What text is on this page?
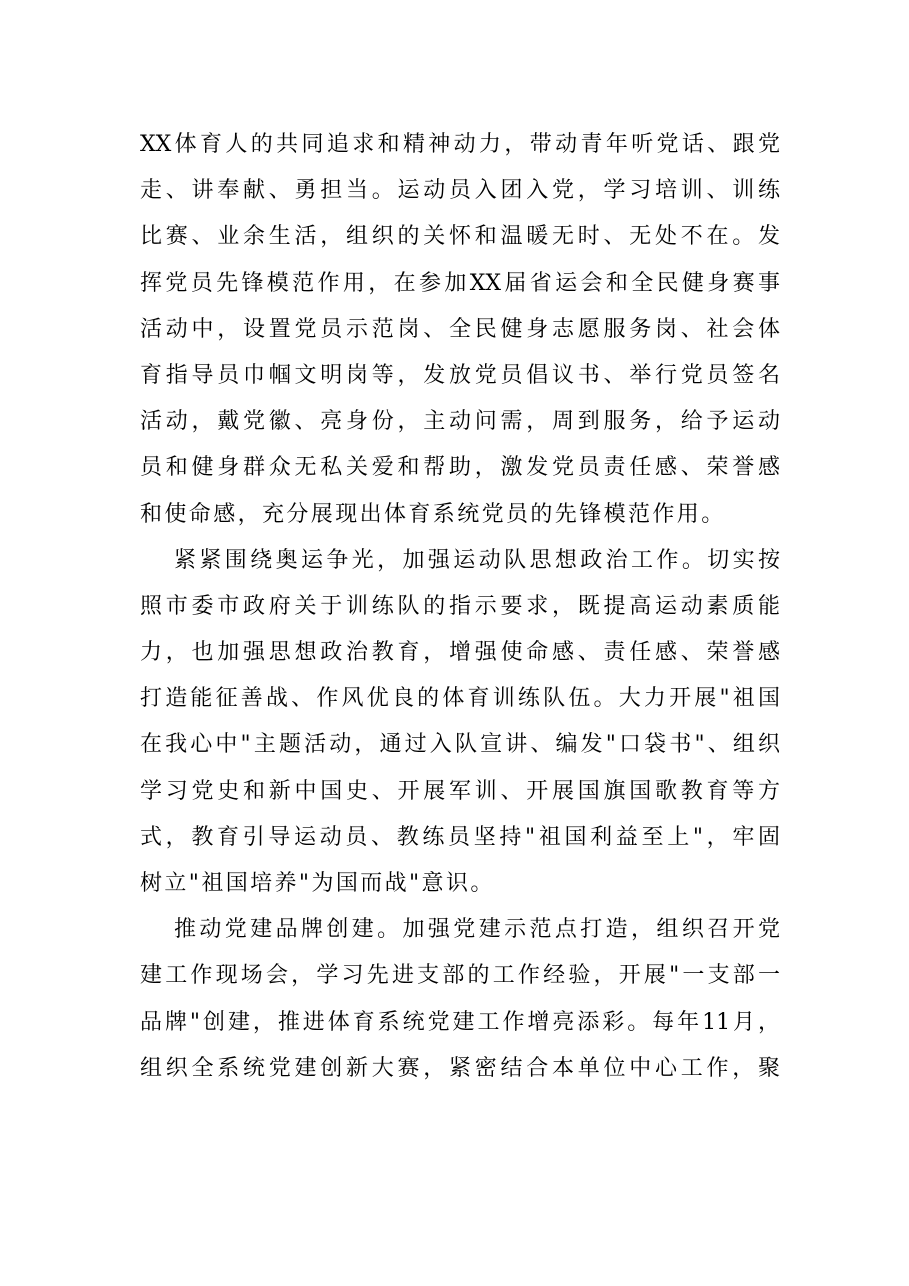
XX体育人的共同追求和精神动力，带动青年听党话、跟党
走、讲奉献、勇担当。运动员入团入党，学习培训、训练
比赛、业余生活，组织的关怀和温暖无时、无处不在。发
挥党员先锋模范作用，在参加XX届省运会和全民健身赛事
活动中，设置党员示范岗、全民健身志愿服务岗、社会体
育指导员巾帼文明岗等，发放党员倡议书、举行党员签名
活动，戴党徽、亮身份，主动问需，周到服务，给予运动
员和健身群众无私关爱和帮助，激发党员责任感、荣誉感
和使命感，充分展现出体育系统党员的先锋模范作用。
紧紧围绕奥运争光，加强运动队思想政治工作。切实按
照市委市政府关于训练队的指示要求，既提高运动素质能
力，也加强思想政治教育，增强使命感、责任感、荣誉感
打造能征善战、作风优良的体育训练队伍。大力开展"祖国
在我心中"主题活动，通过入队宣讲、编发"口袋书"、组织
学习党史和新中国史、开展军训、开展国旗国歌教育等方
式，教育引导运动员、教练员坚持"祖国利益至上"，牢固
树立"祖国培养"为国而战"意识。
推动党建品牌创建。加强党建示范点打造，组织召开党
建工作现场会，学习先进支部的工作经验，开展"一支部一
品牌"创建，推进体育系统党建工作增亮添彩。每年11月，
组织全系统党建创新大赛，紧密结合本单位中心工作，聚
